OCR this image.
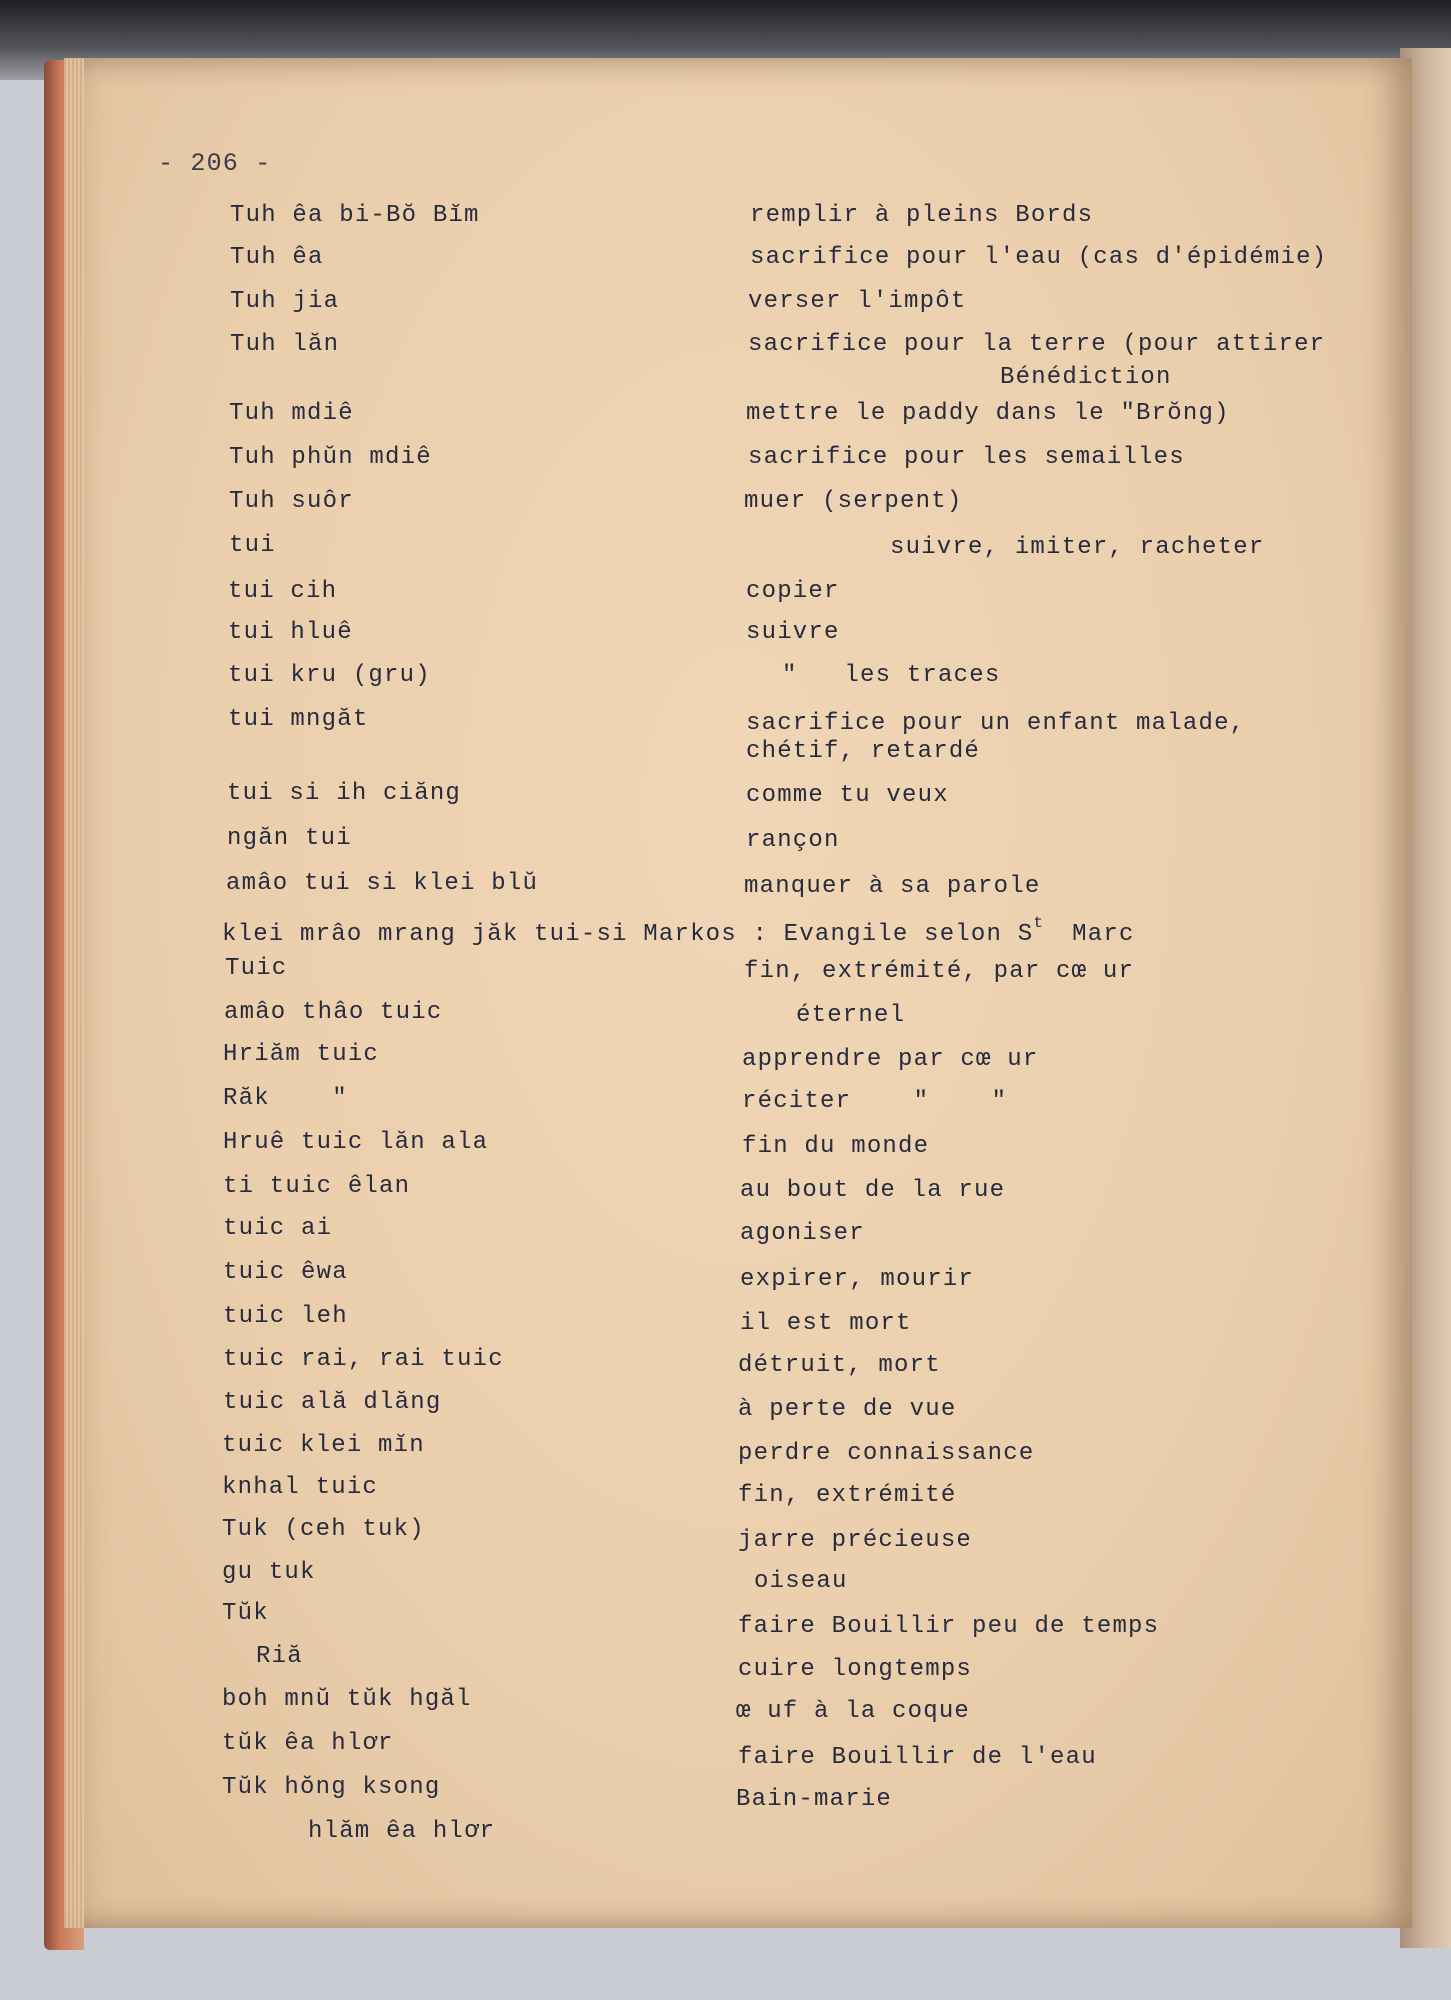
- 206 -
Tuh êa bi-Bŏ Bĭm
Tuh êa
Tuh jia
Tuh lăn
Tuh mdiê
Tuh phŭn mdiê
Tuh suôr
tui
tui cih
tui hluê
tui kru (gru)
tui mngăt
tui si ih ciăng
ngăn tui
amâo tui si klei blŭ
klei mrâo mrang jăk tui-si Markos : Evangile selon $S^t$ Marc
Tuic
amâo thâo tuic
Hriăm tuic
Răk    "
Hruê tuic lăn ala
ti tuic êlan
tuic ai
tuic êwa
tuic leh
tuic rai, rai tuic
tuic ală dlăng
tuic klei mĭn
knhal tuic
Tuk (ceh tuk)
gu tuk
Tŭk
Riă
boh mnŭ tŭk hgăl
tŭk êa hlơr
Tŭk hŏng ksong
hlăm êa hlơr
remplir à pleins Bords
sacrifice pour l'eau (cas d'épidémie)
verser l'impôt
sacrifice pour la terre (pour attirer
Bénédiction
mettre le paddy dans le "Brŏng)
sacrifice pour les semailles
muer (serpent)
suivre, imiter, racheter
copier
suivre
"   les traces
sacrifice pour un enfant malade,
chétif, retardé
comme tu veux
rançon
manquer à sa parole
fin, extrémité, par cœ ur
éternel
apprendre par cœ ur
réciter    "    "
fin du monde
au bout de la rue
agoniser
expirer, mourir
il est mort
détruit, mort
à perte de vue
perdre connaissance
fin, extrémité
jarre précieuse
oiseau
faire Bouillir peu de temps
cuire longtemps
œ uf à la coque
faire Bouillir de l'eau
Bain-marie
